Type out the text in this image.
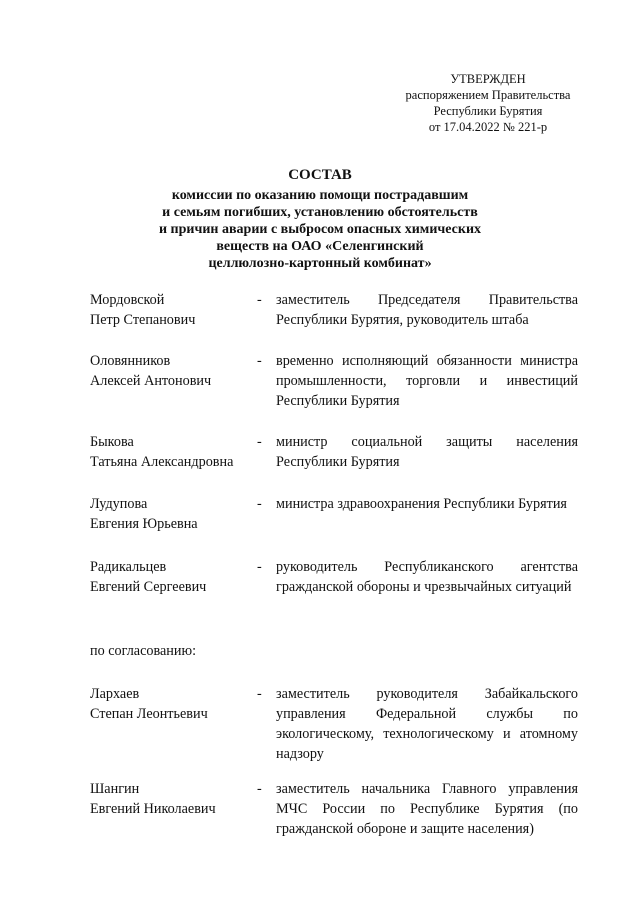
УТВЕРЖДЕН
распоряжением Правительства
Республики Бурятия
от 17.04.2022 № 221-р
СОСТАВ
комиссии по оказанию помощи пострадавшим
и семьям погибших, установлению обстоятельств
и причин аварии с выбросом опасных химических
веществ на ОАО «Селенгинский
целлюлозно-картонный комбинат»
Мордовской
Петр Степанович
- заместитель Председателя Правительства Республики Бурятия, руководитель штаба
Оловянников
Алексей Антонович
- временно исполняющий обязанности министра промышленности, торговли и инвестиций Республики Бурятия
Быкова
Татьяна Александровна
- министр социальной защиты населения Республики Бурятия
Лудупова
Евгения Юрьевна
- министра здравоохранения Республики Бурятия
Радикальцев
Евгений Сергеевич
- руководитель Республиканского агентства гражданской обороны и чрезвычайных ситуаций
по согласованию:
Лархаев
Степан Леонтьевич
- заместитель руководителя Забайкальского управления Федеральной службы по экологическому, технологическому и атомному надзору
Шангин
Евгений Николаевич
- заместитель начальника Главного управления МЧС России по Республике Бурятия (по гражданской обороне и защите населения)
